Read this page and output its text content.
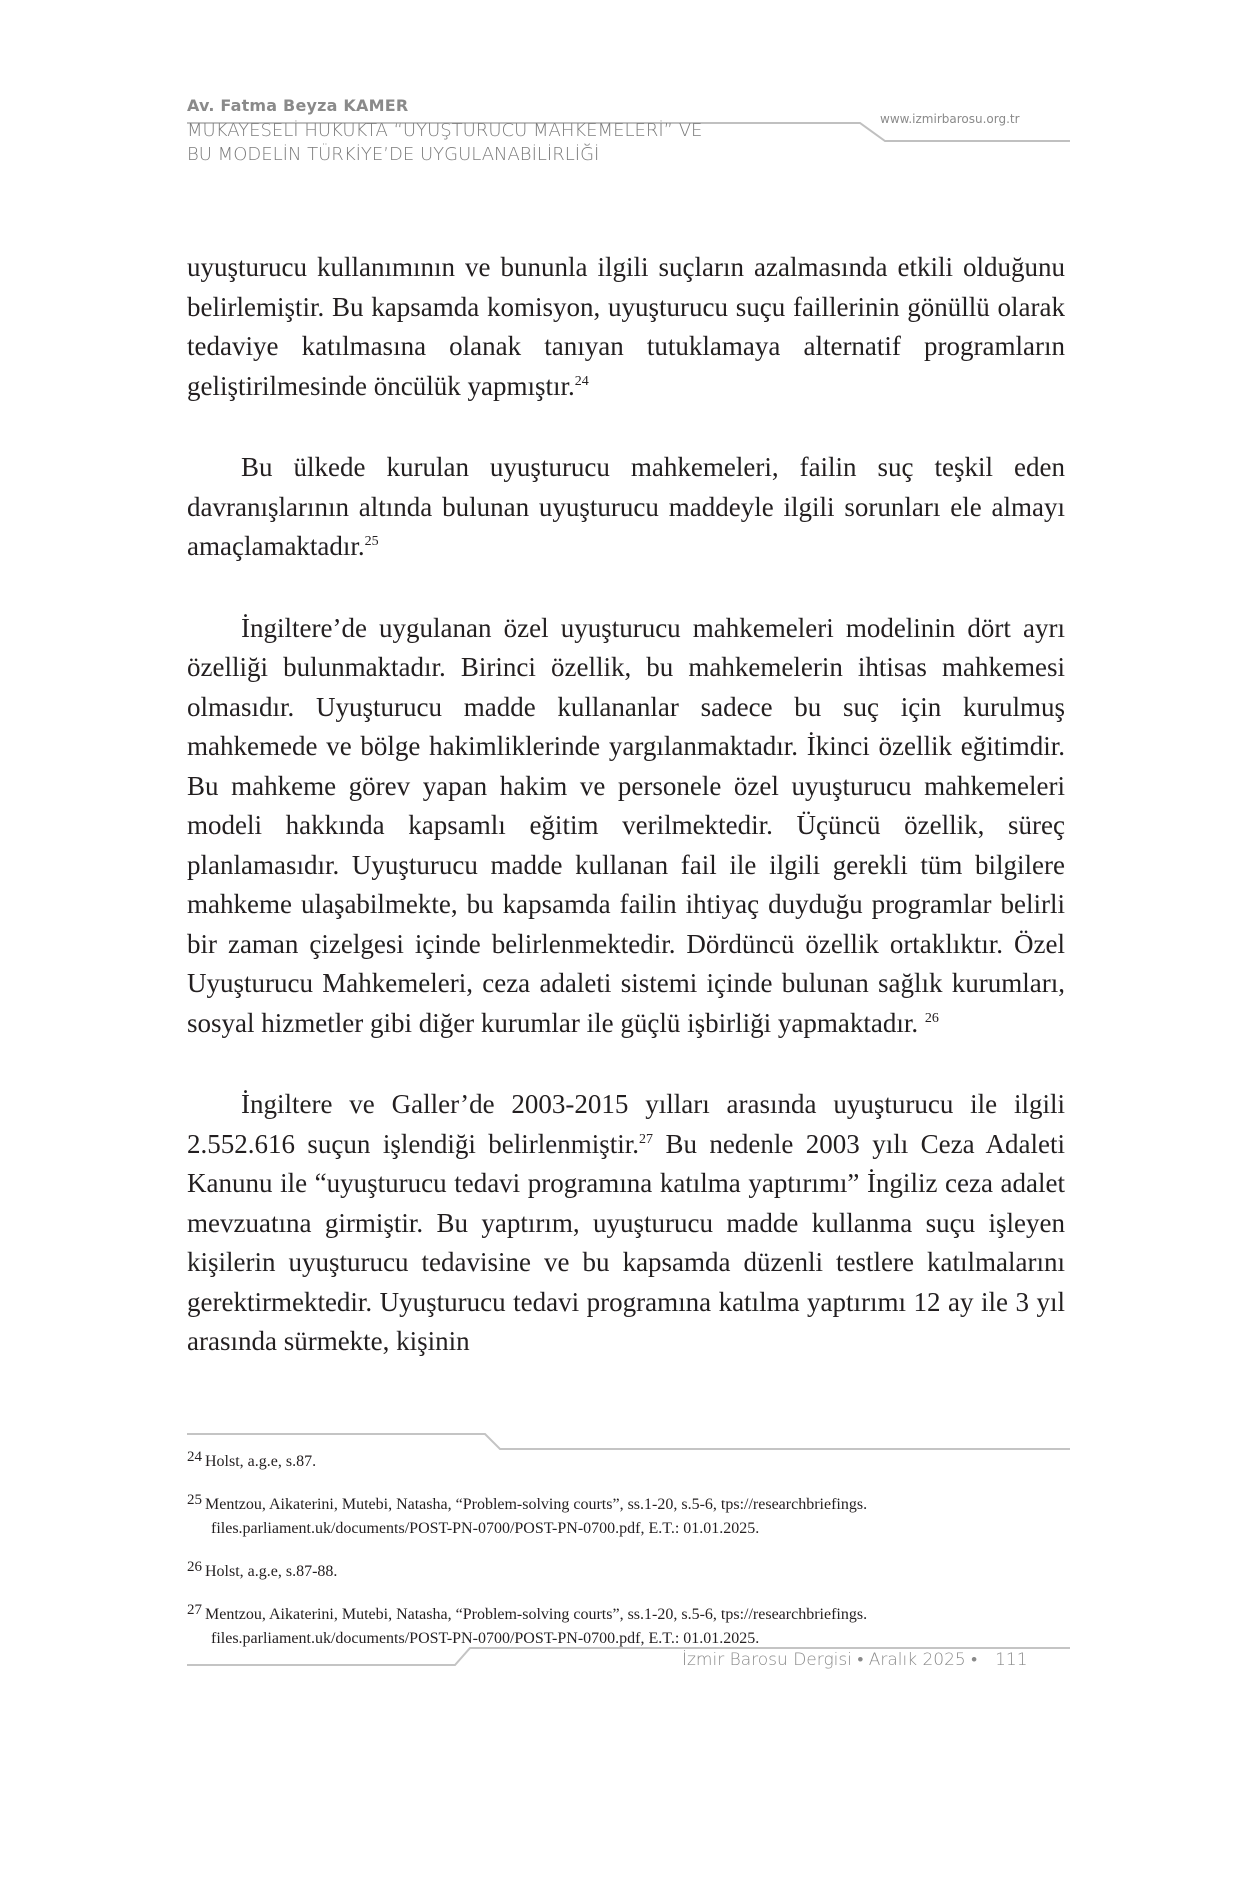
Av. Fatma Beyza KAMER
MUKAYESELİ HUKUKTA “UYUŞTURUCU MAHKEMELERİ” VE
BU MODELİN TÜRKİYE’DE UYGULANABİLİRLİĞİ
www.izmirbarosu.org.tr

uyuşturucu kullanımının ve bununla ilgili suçların azalmasında etkili olduğunu belirlemiştir. Bu kapsamda komisyon, uyuşturucu suçu faillerinin gönüllü olarak tedaviye katılmasına olanak tanıyan tutuklamaya alternatif programların geliştirilmesinde öncülük yapmıştır.$^{24}$

Bu ülkede kurulan uyuşturucu mahkemeleri, failin suç teşkil eden davranışlarının altında bulunan uyuşturucu maddeyle ilgili sorunları ele almayı amaçlamaktadır.$^{25}$

İngiltere’de uygulanan özel uyuşturucu mahkemeleri modelinin dört ayrı özelliği bulunmaktadır. Birinci özellik, bu mahkemelerin ihtisas mahkemesi olmasıdır. Uyuşturucu madde kullananlar sadece bu suç için kurulmuş mahkemede ve bölge hakimliklerinde yargılanmaktadır. İkinci özellik eğitimdir. Bu mahkeme görev yapan hakim ve personele özel uyuşturucu mahkemeleri modeli hakkında kapsamlı eğitim verilmektedir. Üçüncü özellik, süreç planlamasıdır. Uyuşturucu madde kullanan fail ile ilgili gerekli tüm bilgilere mahkeme ulaşabilmekte, bu kapsamda failin ihtiyaç duyduğu programlar belirli bir zaman çizelgesi içinde belirlenmektedir. Dördüncü özellik ortaklıktır. Özel Uyuşturucu Mahkemeleri, ceza adaleti sistemi içinde bulunan sağlık kurumları, sosyal hizmetler gibi diğer kurumlar ile güçlü işbirliği yapmaktadır. $^{26}$

İngiltere ve Galler’de 2003-2015 yılları arasında uyuşturucu ile ilgili 2.552.616 suçun işlendiği belirlenmiştir.$^{27}$ Bu nedenle 2003 yılı Ceza Adaleti Kanunu ile “uyuşturucu tedavi programına katılma yaptırımı” İngiliz ceza adalet mevzuatına girmiştir. Bu yaptırım, uyuşturucu madde kullanma suçu işleyen kişilerin uyuşturucu tedavisine ve bu kapsamda düzenli testlere katılmalarını gerektirmektedir. Uyuşturucu tedavi programına katılma yaptırımı 12 ay ile 3 yıl arasında sürmekte, kişinin

24 Holst, a.g.e, s.87.
25 Mentzou, Aikaterini, Mutebi, Natasha, “Problem-solving courts”, ss.1-20, s.5-6, tps://researchbriefings.
files.parliament.uk/documents/POST-PN-0700/POST-PN-0700.pdf, E.T.: 01.01.2025.
26 Holst, a.g.e, s.87-88.
27 Mentzou, Aikaterini, Mutebi, Natasha, “Problem-solving courts”, ss.1-20, s.5-6, tps://researchbriefings.
files.parliament.uk/documents/POST-PN-0700/POST-PN-0700.pdf, E.T.: 01.01.2025.
İzmir Barosu Dergisi • Aralık 2025 • 111
